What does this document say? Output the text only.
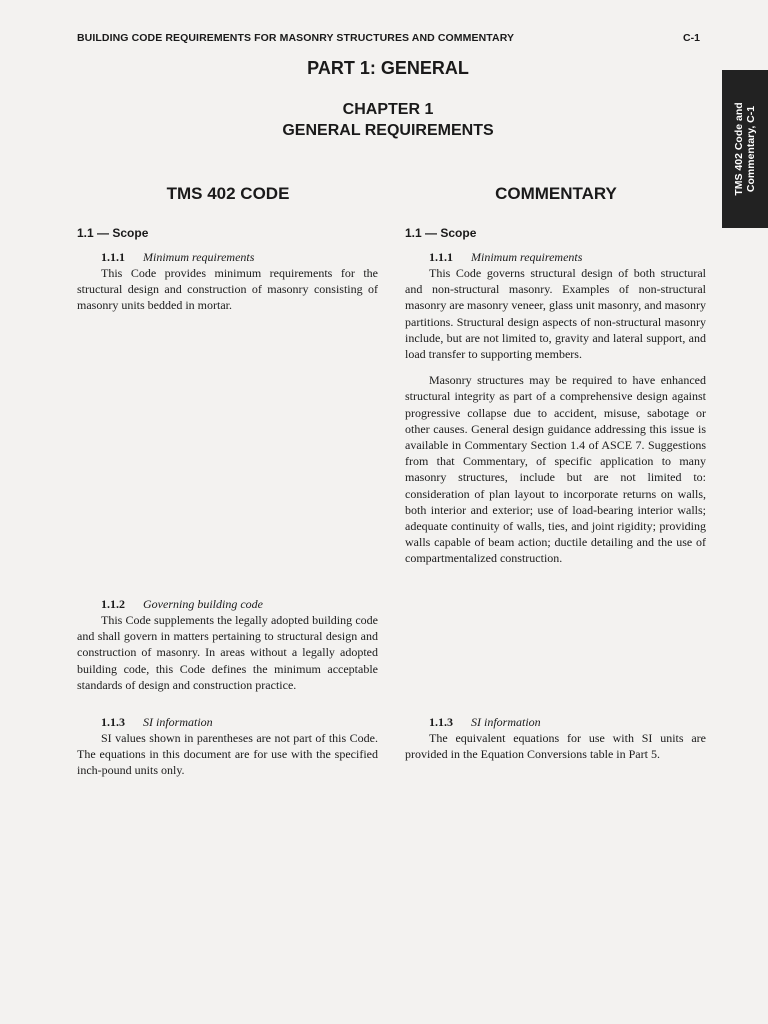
BUILDING CODE REQUIREMENTS FOR MASONRY STRUCTURES AND COMMENTARY	C-1
TMS 402 Code and Commentary, C-1
PART 1: GENERAL
CHAPTER 1
GENERAL REQUIREMENTS
TMS 402 CODE	COMMENTARY
1.1 — Scope	1.1 — Scope
1.1.1 Minimum requirements

This Code provides minimum requirements for the structural design and construction of masonry consisting of masonry units bedded in mortar.

1.1.2 Governing building code

This Code supplements the legally adopted building code and shall govern in matters pertaining to structural design and construction of masonry. In areas without a legally adopted building code, this Code defines the minimum acceptable standards of design and construction practice.

1.1.3 SI information

SI values shown in parentheses are not part of this Code. The equations in this document are for use with the specified inch-pound units only.

1.1.1 Minimum requirements

This Code governs structural design of both structural and non-structural masonry. Examples of non-structural masonry are masonry veneer, glass unit masonry, and masonry partitions. Structural design aspects of non-structural masonry include, but are not limited to, gravity and lateral support, and load transfer to supporting members.

Masonry structures may be required to have enhanced structural integrity as part of a comprehensive design against progressive collapse due to accident, misuse, sabotage or other causes. General design guidance addressing this issue is available in Commentary Section 1.4 of ASCE 7. Suggestions from that Commentary, of specific application to many masonry structures, include but are not limited to: consideration of plan layout to incorporate returns on walls, both interior and exterior; use of load-bearing interior walls; adequate continuity of walls, ties, and joint rigidity; providing walls capable of beam action; ductile detailing and the use of compartmentalized construction.

1.1.3 SI information

The equivalent equations for use with SI units are provided in the Equation Conversions table in Part 5.
